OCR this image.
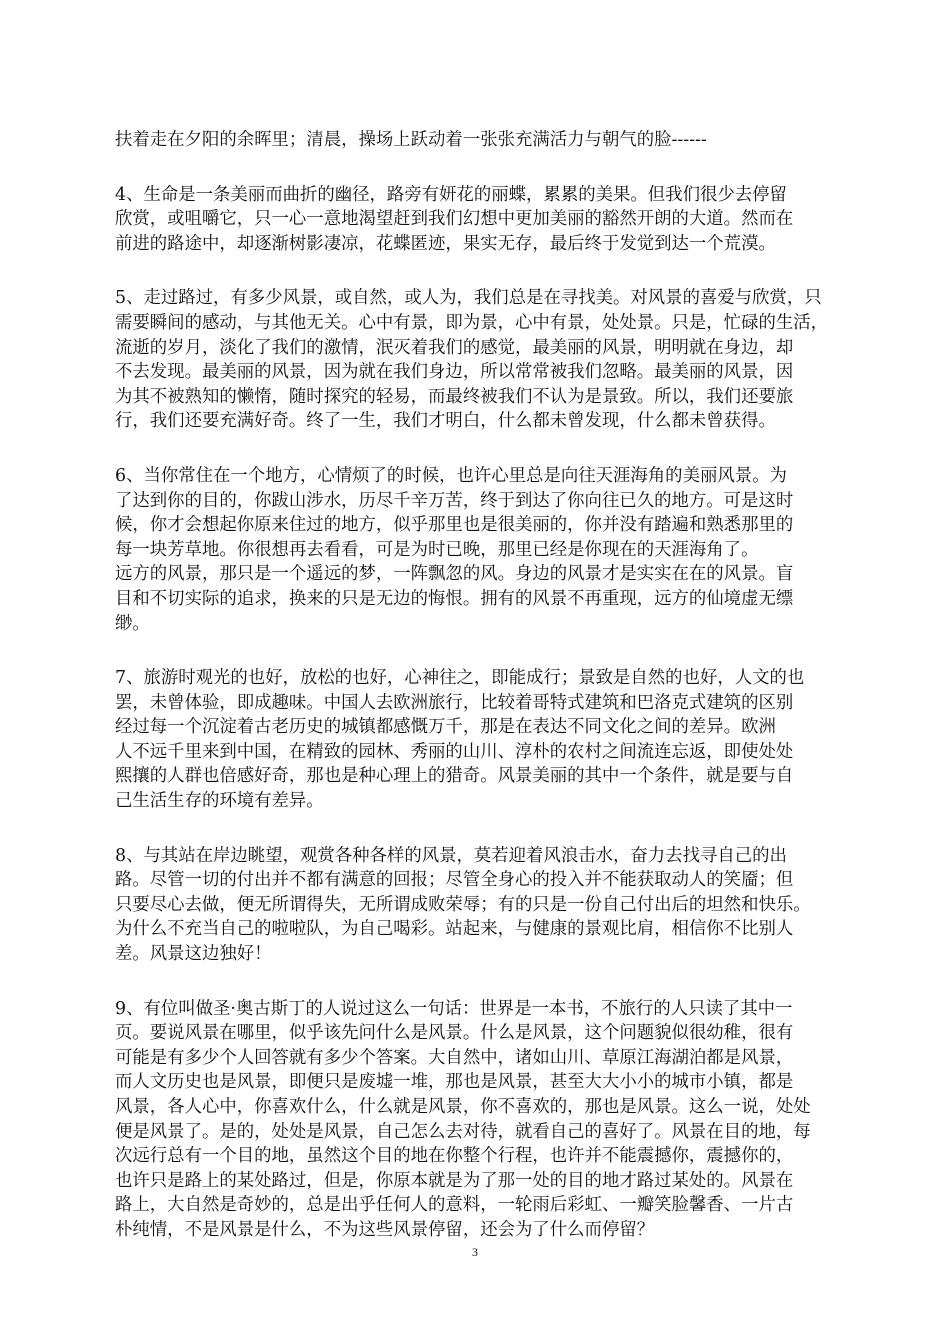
扶着走在夕阳的余晖里；清晨，操场上跃动着一张张充满活力与朝气的脸------
4、生命是一条美丽而曲折的幽径，路旁有妍花的丽蝶，累累的美果。但我们很少去停留
欣赏，或咀嚼它，只一心一意地渴望赶到我们幻想中更加美丽的豁然开朗的大道。然而在
前进的路途中，却逐渐树影凄凉，花蝶匿迹，果实无存，最后终于发觉到达一个荒漠。
5、走过路过，有多少风景，或自然，或人为，我们总是在寻找美。对风景的喜爱与欣赏，只
需要瞬间的感动，与其他无关。心中有景，即为景，心中有景，处处景。只是，忙碌的生活，
流逝的岁月，淡化了我们的激情，泯灭着我们的感觉，最美丽的风景，明明就在身边，却
不去发现。最美丽的风景，因为就在我们身边，所以常常被我们忽略。最美丽的风景，因
为其不被熟知的懒惰，随时探究的轻易，而最终被我们不认为是景致。所以，我们还要旅
行，我们还要充满好奇。终了一生，我们才明白，什么都未曾发现，什么都未曾获得。
6、当你常住在一个地方，心情烦了的时候，也许心里总是向往天涯海角的美丽风景。为
了达到你的目的，你跋山涉水，历尽千辛万苦，终于到达了你向往已久的地方。可是这时
候，你才会想起你原来住过的地方，似乎那里也是很美丽的，你并没有踏遍和熟悉那里的
每一块芳草地。你很想再去看看，可是为时已晚，那里已经是你现在的天涯海角了。
远方的风景，那只是一个遥远的梦，一阵飘忽的风。身边的风景才是实实在在的风景。盲
目和不切实际的追求，换来的只是无边的悔恨。拥有的风景不再重现，远方的仙境虚无缥
缈。
7、旅游时观光的也好，放松的也好，心神往之，即能成行；景致是自然的也好，人文的也
罢，未曾体验，即成趣味。中国人去欧洲旅行，比较着哥特式建筑和巴洛克式建筑的区别
经过每一个沉淀着古老历史的城镇都感慨万千，那是在表达不同文化之间的差异。欧洲
人不远千里来到中国，在精致的园林、秀丽的山川、淳朴的农村之间流连忘返，即使处处
熙攘的人群也倍感好奇，那也是种心理上的猎奇。风景美丽的其中一个条件，就是要与自
己生活生存的环境有差异。
8、与其站在岸边眺望，观赏各种各样的风景，莫若迎着风浪击水，奋力去找寻自己的出
路。尽管一切的付出并不都有满意的回报；尽管全身心的投入并不能获取动人的笑靥；但
只要尽心去做，便无所谓得失，无所谓成败荣辱；有的只是一份自己付出后的坦然和快乐。
为什么不充当自己的啦啦队，为自己喝彩。站起来，与健康的景观比肩，相信你不比别人
差。风景这边独好！
9、有位叫做圣·奥古斯丁的人说过这么一句话：世界是一本书，不旅行的人只读了其中一
页。要说风景在哪里，似乎该先问什么是风景。什么是风景，这个问题貌似很幼稚，很有
可能是有多少个人回答就有多少个答案。大自然中，诸如山川、草原江海湖泊都是风景，
而人文历史也是风景，即便只是废墟一堆，那也是风景，甚至大大小小的城市小镇，都是
风景，各人心中，你喜欢什么，什么就是风景，你不喜欢的，那也是风景。这么一说，处处
便是风景了。是的，处处是风景，自己怎么去对待，就看自己的喜好了。风景在目的地，每
次远行总有一个目的地，虽然这个目的地在你整个行程，也许并不能震撼你，震撼你的，
也许只是路上的某处路过，但是，你原本就是为了那一处的目的地才路过某处的。风景在
路上，大自然是奇妙的，总是出乎任何人的意料，一轮雨后彩虹、一瓣笑脸馨香、一片古
朴纯情，不是风景是什么，不为这些风景停留，还会为了什么而停留？
3
